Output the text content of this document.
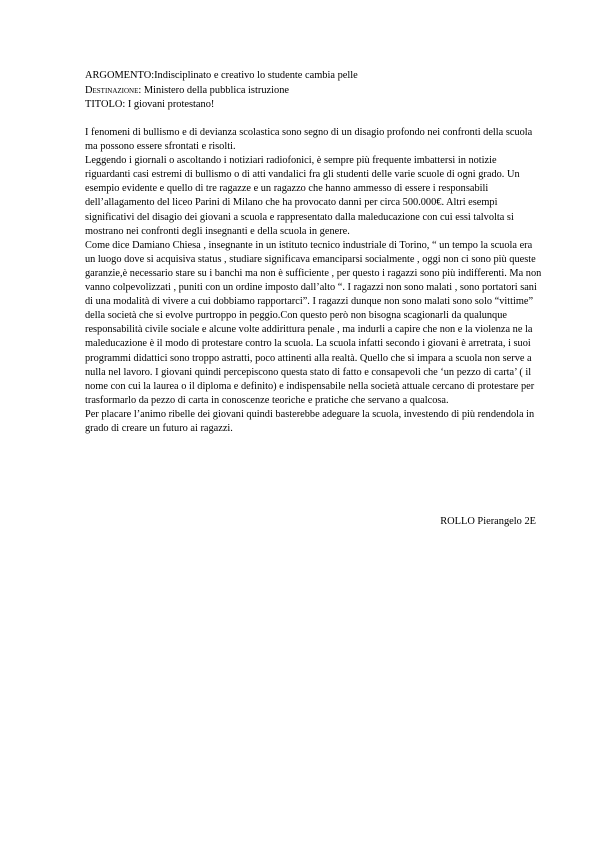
ARGOMENTO:Indisciplinato e creativo lo studente cambia pelle
Destinazione: Ministero della pubblica istruzione
TITOLO: I giovani protestano!

I fenomeni di bullismo e di devianza scolastica sono segno di un disagio profondo nei confronti della scuola ma possono essere sfrontati e risolti.

Leggendo i giornali o ascoltando i notiziari radiofonici, è sempre più frequente imbattersi in notizie riguardanti casi estremi di bullismo o di atti vandalici fra gli studenti delle varie scuole di ogni grado. Un esempio evidente e quello di tre ragazze e un ragazzo che hanno ammesso di essere i responsabili dell’allagamento del liceo Parini di Milano che ha provocato danni per circa 500.000€. Altri esempi significativi del disagio dei giovani a scuola e rappresentato dalla maleducazione con cui essi talvolta si mostrano nei confronti degli insegnanti e della scuola in genere.

Come dice Damiano Chiesa , insegnante in un istituto tecnico industriale di Torino, “ un tempo la scuola era un luogo dove si acquisiva status , studiare significava emanciparsi socialmente , oggi non ci sono più queste garanzie,è necessario stare su i banchi ma non è sufficiente , per questo i ragazzi sono più indifferenti. Ma non vanno colpevolizzati , puniti con un ordine imposto dall’alto “. I ragazzi non sono malati , sono portatori sani di una modalità di vivere a cui dobbiamo rapportarci”. I ragazzi dunque non sono malati sono solo “vittime” della società che si evolve purtroppo in peggio.Con questo però non bisogna scagionarli da qualunque responsabilità civile sociale e alcune volte addirittura penale , ma indurli a capire che non e la violenza ne la maleducazione è il modo di protestare contro la scuola. La scuola infatti secondo i giovani è arretrata, i suoi programmi didattici sono troppo astratti, poco attinenti alla realtà. Quello che si impara a scuola non serve a nulla nel lavoro. I giovani quindi percepiscono questa stato di fatto e consapevoli che ‘un pezzo di carta’ ( il nome con cui la laurea o il diploma e definito) e indispensabile nella società attuale cercano di protestare per trasformarlo da pezzo di carta in conoscenze teoriche e pratiche che servano a qualcosa.

Per placare l’animo ribelle dei giovani quindi basterebbe adeguare la scuola, investendo di più rendendola in grado di creare un futuro ai ragazzi.

ROLLO Pierangelo 2E
